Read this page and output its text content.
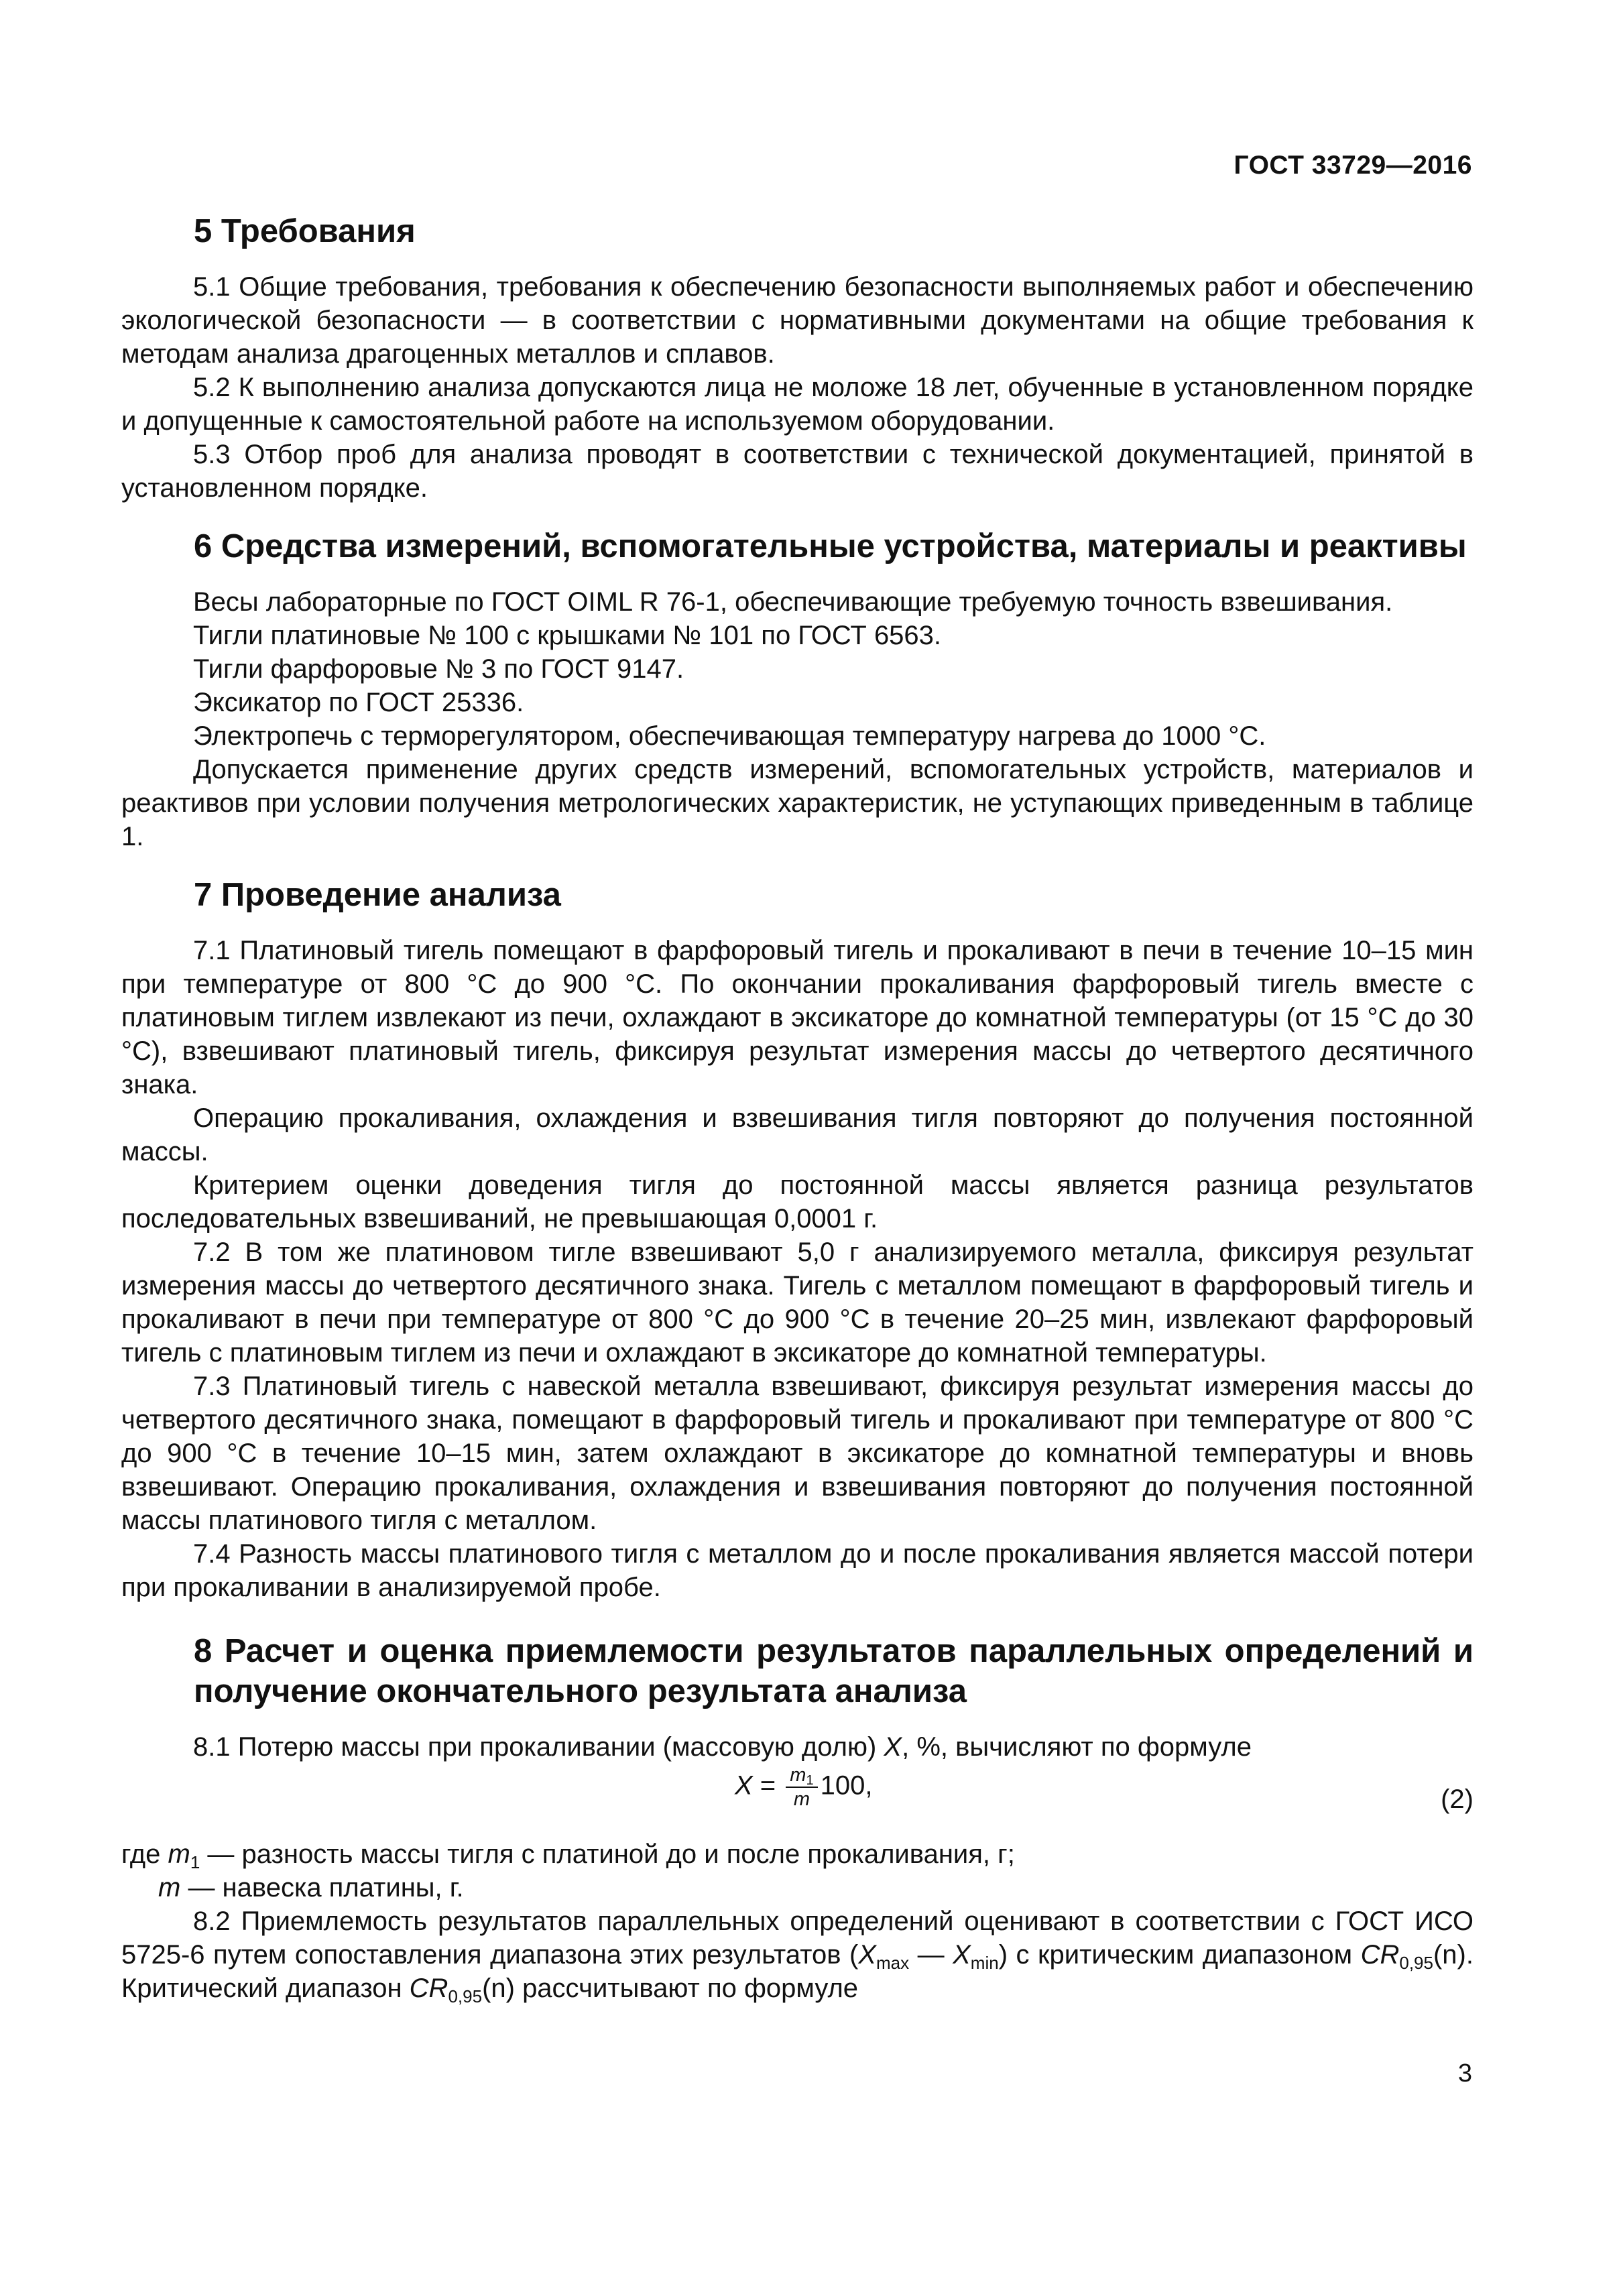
ГОСТ 33729—2016
5 Требования

5.1 Общие требования, требования к обеспечению безопасности выполняемых работ и обеспечению экологической безопасности — в соответствии с нормативными документами на общие требования к методам анализа драгоценных металлов и сплавов.

5.2 К выполнению анализа допускаются лица не моложе 18 лет, обученные в установленном порядке и допущенные к самостоятельной работе на используемом оборудовании.

5.3 Отбор проб для анализа проводят в соответствии с технической документацией, принятой в установленном порядке.

6 Средства измерений, вспомогательные устройства, материалы и реактивы

Весы лабораторные по ГОСТ OIML R 76-1, обеспечивающие требуемую точность взвешивания.

Тигли платиновые № 100 с крышками № 101 по ГОСТ 6563.

Тигли фарфоровые № 3 по ГОСТ 9147.

Эксикатор по ГОСТ 25336.

Электропечь с терморегулятором, обеспечивающая температуру нагрева до 1000 °С.

Допускается применение других средств измерений, вспомогательных устройств, материалов и реактивов при условии получения метрологических характеристик, не уступающих приведенным в таблице 1.

7 Проведение анализа

7.1 Платиновый тигель помещают в фарфоровый тигель и прокаливают в печи в течение 10–15 мин при температуре от 800 °С до 900 °С. По окончании прокаливания фарфоровый тигель вместе с платиновым тиглем извлекают из печи, охлаждают в эксикаторе до комнатной температуры (от 15 °С до 30 °С), взвешивают платиновый тигель, фиксируя результат измерения массы до четвертого десятичного знака.

Операцию прокаливания, охлаждения и взвешивания тигля повторяют до получения постоянной массы.

Критерием оценки доведения тигля до постоянной массы является разница результатов последовательных взвешиваний, не превышающая 0,0001 г.

7.2 В том же платиновом тигле взвешивают 5,0 г анализируемого металла, фиксируя результат измерения массы до четвертого десятичного знака. Тигель с металлом помещают в фарфоровый тигель и прокаливают в печи при температуре от 800 °С до 900 °С в течение 20–25 мин, извлекают фарфоровый тигель с платиновым тиглем из печи и охлаждают в эксикаторе до комнатной температуры.

7.3 Платиновый тигель с навеской металла взвешивают, фиксируя результат измерения массы до четвертого десятичного знака, помещают в фарфоровый тигель и прокаливают при температуре от 800 °С до 900 °С в течение 10–15 мин, затем охлаждают в эксикаторе до комнатной температуры и вновь взвешивают. Операцию прокаливания, охлаждения и взвешивания повторяют до получения постоянной массы платинового тигля с металлом.

7.4 Разность массы платинового тигля с металлом до и после прокаливания является массой потери при прокаливании в анализируемой пробе.

8 Расчет и оценка приемлемости результатов параллельных определений и получение окончательного результата анализа

8.1 Потерю массы при прокаливании (массовую долю) X, %, вычисляют по формуле

$X = \frac{m_1}{m} 100$,	(2)

где $m_1$ — разность массы тигля с платиной до и после прокаливания, г;

m — навеска платины, г.

8.2 Приемлемость результатов параллельных определений оценивают в соответствии с ГОСТ ИСО 5725-6 путем сопоставления диапазона этих результатов ($X_{max}$ — $X_{min}$) с критическим диапазоном $CR_{0,95}(n)$. Критический диапазон $CR_{0,95}(n)$ рассчитывают по формуле

3
